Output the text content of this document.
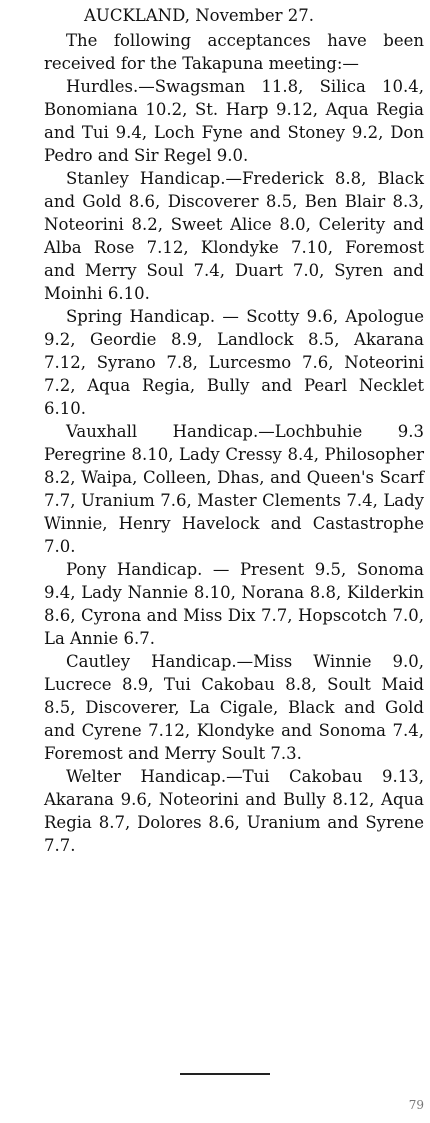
AUCKLAND, November 27.

The following acceptances have been received for the Takapuna meeting:—

Hurdles.—Swagsman 11.8, Silica 10.4, Bonomiana 10.2, St. Harp 9.12, Aqua Regia and Tui 9.4, Loch Fyne and Stoney 9.2, Don Pedro and Sir Regel 9.0.

Stanley Handicap.—Frederick 8.8, Black and Gold 8.6, Discoverer 8.5, Ben Blair 8.3, Noteorini 8.2, Sweet Alice 8.0, Celerity and Alba Rose 7.12, Klondyke 7.10, Foremost and Merry Soul 7.4, Duart 7.0, Syren and Moinhi 6.10.

Spring Handicap. — Scotty 9.6, Apologue 9.2, Geordie 8.9, Landlock 8.5, Akarana 7.12, Syrano 7.8, Lurcesmo 7.6, Noteorini 7.2, Aqua Regia, Bully and Pearl Necklet 6.10.

Vauxhall Handicap.—Lochbuhie 9.3 Peregrine 8.10, Lady Cressy 8.4, Philosopher 8.2, Waipa, Colleen, Dhas, and Queen's Scarf 7.7, Uranium 7.6, Master Clements 7.4, Lady Winnie, Henry Havelock and Castastrophe 7.0.

Pony Handicap. — Present 9.5, Sonoma 9.4, Lady Nannie 8.10, Norana 8.8, Kilderkin 8.6, Cyrona and Miss Dix 7.7, Hopscotch 7.0, La Annie 6.7.

Cautley Handicap.—Miss Winnie 9.0, Lucrece 8.9, Tui Cakobau 8.8, Soult Maid 8.5, Discoverer, La Cigale, Black and Gold and Cyrene 7.12, Klondyke and Sonoma 7.4, Foremost and Merry Soult 7.3.

Welter Handicap.—Tui Cakobau 9.13, Akarana 9.6, Noteorini and Bully 8.12, Aqua Regia 8.7, Dolores 8.6, Uranium and Syrene 7.7.

79
